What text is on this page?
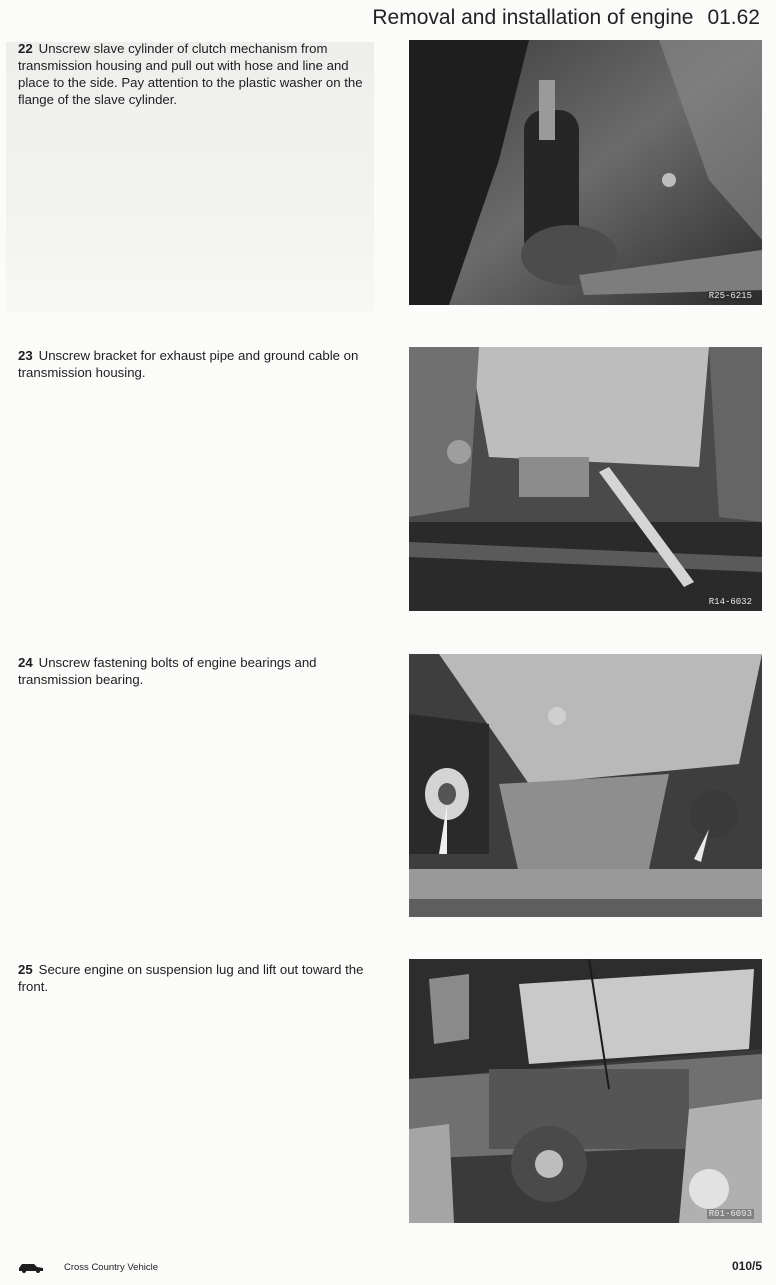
Removal and installation of engine 01.62
22 Unscrew slave cylinder of clutch mechanism from transmission housing and pull out with hose and line and place to the side. Pay attention to the plastic washer on the flange of the slave cylinder.
R25-6215
23 Unscrew bracket for exhaust pipe and ground cable on transmission housing.
R14-6032
24 Unscrew fastening bolts of engine bearings and transmission bearing.
25 Secure engine on suspension lug and lift out toward the front.
R01-6093
Cross Country Vehicle	010/5
